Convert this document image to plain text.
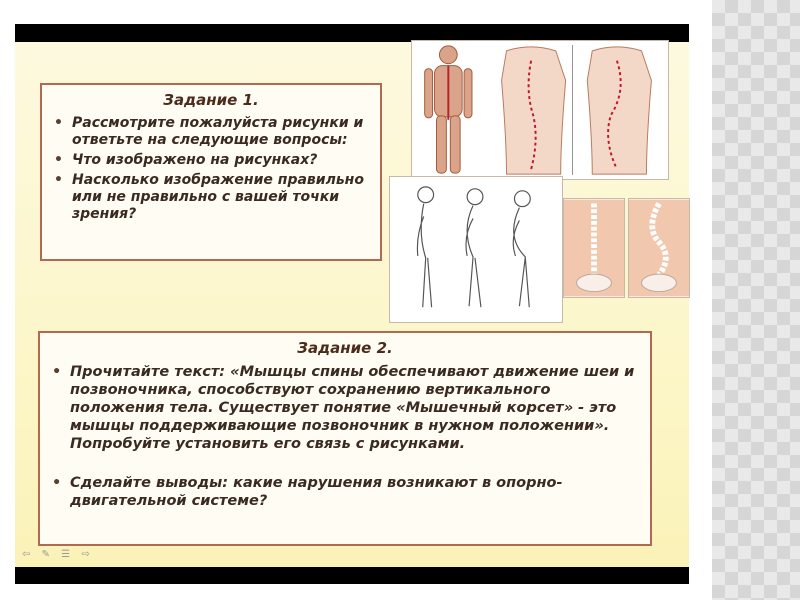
Задание 1.
• Рассмотрите пожалуйста рисунки и ответьте на следующие вопросы:
• Что изображено на рисунках?
• Насколько изображение правильно или не правильно с вашей точки зрения?
Задание 2.
• Прочитайте текст: «Мышцы спины обеспечивают движение шеи и позвоночника, способствуют сохранению вертикального положения тела. Существует понятие «Мышечный корсет» - это мышцы поддерживающие позвоночник в нужном положении». Попробуйте установить его связь с рисунками.
• Сделайте выводы: какие нарушения возникают в опорно-двигательной системе?
⇦ ✎ ☰ ⇨
